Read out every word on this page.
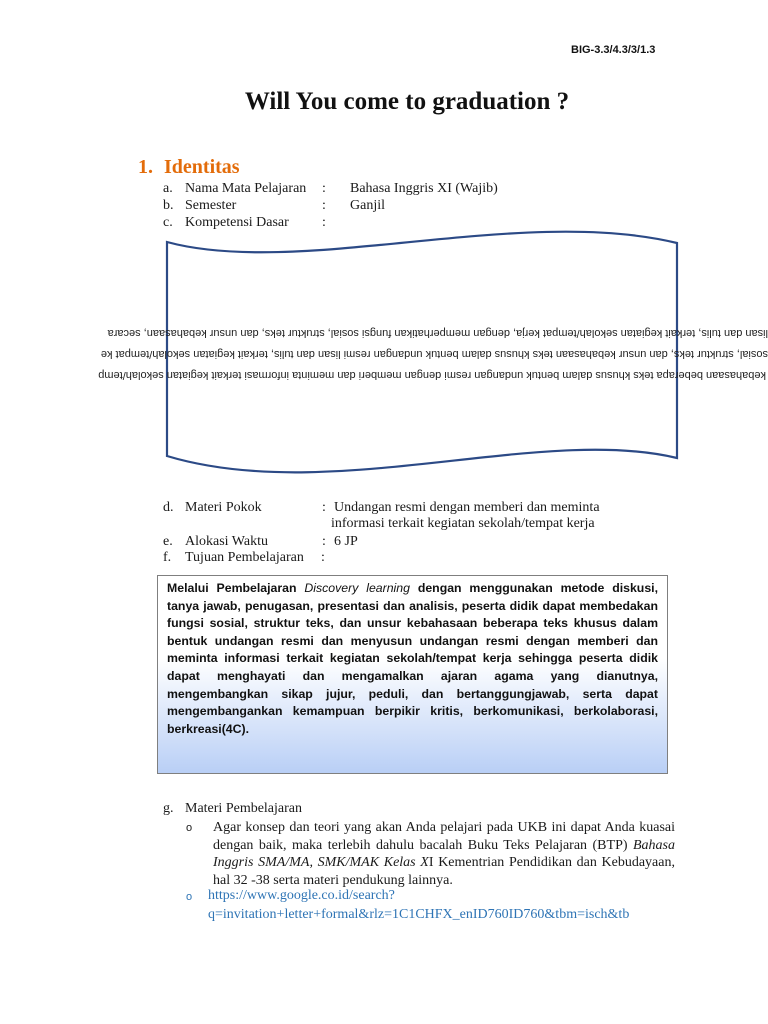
BIG-3.3/4.3/3/1.3
Will You come to graduation ?
1. Identitas
a. Nama Mata Pelajaran : Bahasa Inggris XI (Wajib)
b. Semester	: Ganjil
c. Kompetensi Dasar :

kebahasaan beberapa teks khusus dalam bentuk undangan resmi dengan memberi dan meminta informasi terkait kegiatan sekolah/temp

sosial, struktur teks, dan unsur kebahasaan teks khusus dalam bentuk undangan resmi lisan dan tulis, terkait kegiatan sekolah/tempat ke

lisan dan tulis, terkait kegiatan sekolah/tempat kerja, dengan memperhatikan fungsi sosial, struktur teks, dan unsur kebahasaan, secara

d. Materi Pokok	: Undangan resmi dengan memberi dan meminta
informasi terkait kegiatan sekolah/tempat kerja
e. Alokasi Waktu	: 6 JP
f. Tujuan Pembelajaran :
Melalui Pembelajaran Discovery learning dengan menggunakan metode diskusi, tanya jawab, penugasan, presentasi dan analisis, peserta didik dapat membedakan fungsi sosial, struktur teks, dan unsur kebahasaan beberapa teks khusus dalam bentuk undangan resmi dan menyusun undangan resmi dengan memberi dan meminta informasi terkait kegiatan sekolah/tempat kerja sehingga peserta didik dapat menghayati dan mengamalkan ajaran agama yang dianutnya, mengembangkan sikap jujur, peduli, dan bertanggungjawab, serta dapat mengembangankan kemampuan berpikir kritis, berkomunikasi, berkolaborasi, berkreasi(4C).
g. Materi Pembelajaran
o Agar konsep dan teori yang akan Anda pelajari pada UKB ini dapat Anda kuasai dengan baik, maka terlebih dahulu bacalah Buku Teks Pelajaran (BTP) Bahasa Inggris SMA/MA, SMK/MAK Kelas XI Kementrian Pendidikan dan Kebudayaan, hal 32 -38 serta materi pendukung lainnya.
o https://www.google.co.id/search?
q=invitation+letter+formal&rlz=1C1CHFX_enID760ID760&tbm=isch&tb
